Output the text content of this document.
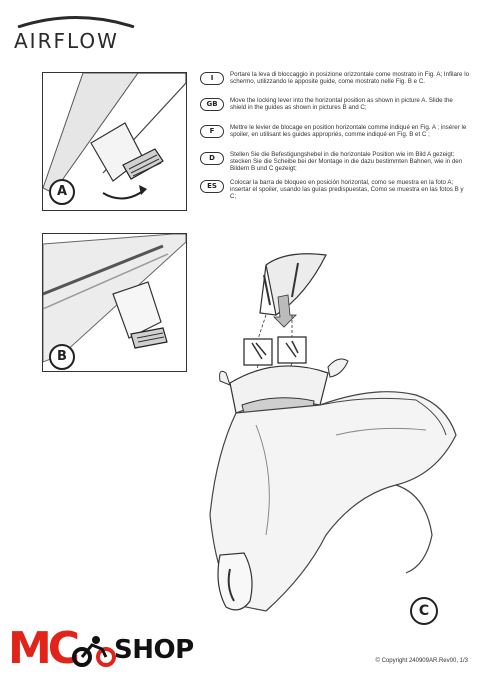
AIRFLOW
A
B
I	Portare la leva di bloccaggio in posizione orizzontale come mostrato in Fig. A; Infilare lo schermo, utilizzando le apposite guide, come mostrato nelle Fig. B e C.
GB	Move the locking lever into the horizontal position as shown in picture A. Slide the shield in the guides as shown in pictures B and C;
F	Mettre le levier de blocage en position horizontale comme indiqué en Fig. A ; insérer le spoiler, en utilisant les guides appropriés, comme indiqué en Fig. B et C ;
D	Stellen Sie die Befestigungshebel in die horizontale Position wie im Bild A gezeigt; stecken Sie die Scheibe bei der Montage in die dazu bestimmten Bahnen, wie in den Bildern B und C gezeigt;
ES	Colocar la barra de bloqueo en posición horizontal, como se muestra en la foto A; insertar el spoiler, usando las guías predispuestas, Como se muestra en las fotos B y C;
C
MC SHOP	© Copyright 240909AR.Rev00, 1/3
